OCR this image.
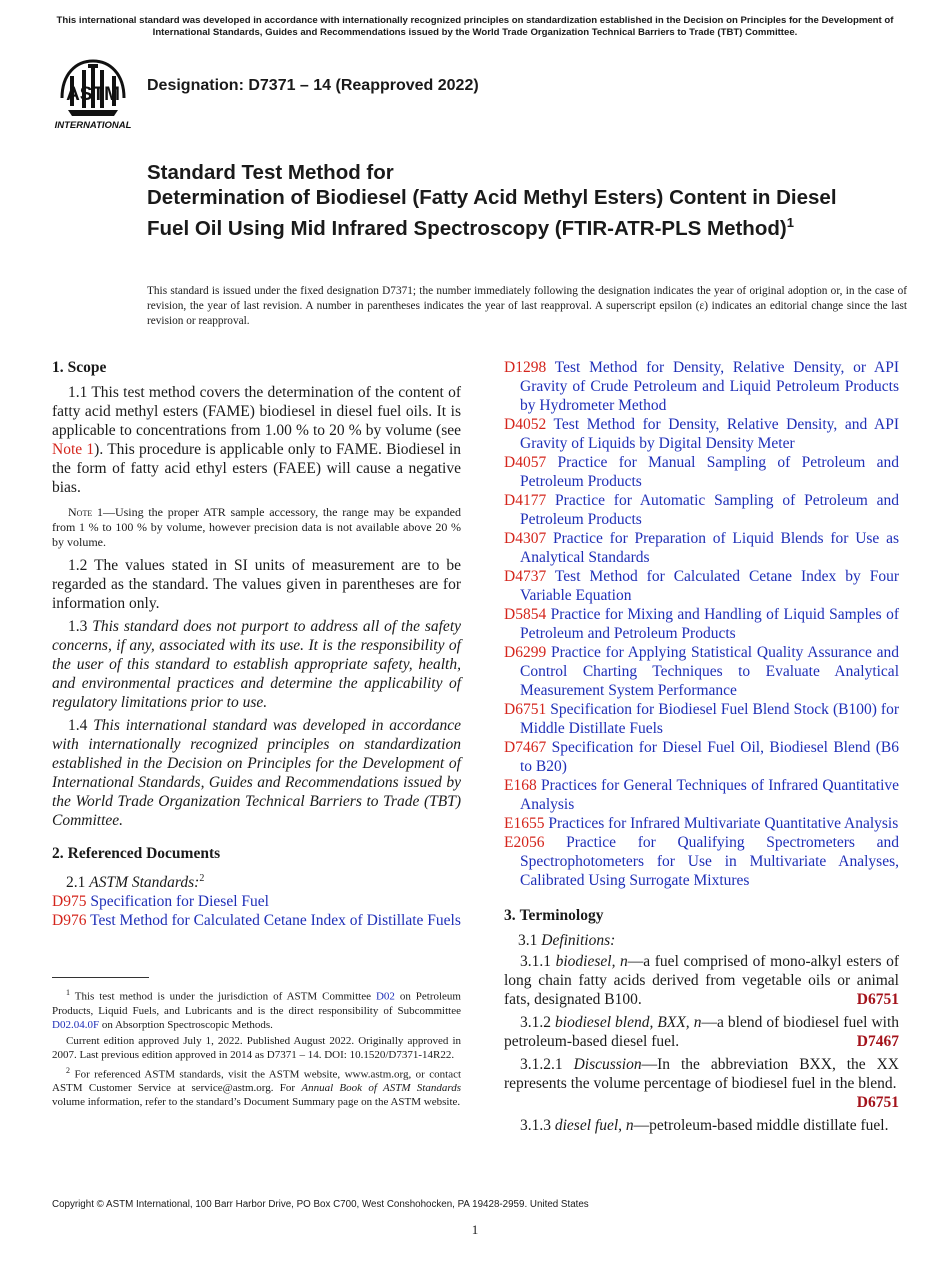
This international standard was developed in accordance with internationally recognized principles on standardization established in the Decision on Principles for the Development of International Standards, Guides and Recommendations issued by the World Trade Organization Technical Barriers to Trade (TBT) Committee.
ASTM
INTERNATIONAL
Designation: D7371 – 14 (Reapproved 2022)
Standard Test Method for
Determination of Biodiesel (Fatty Acid Methyl Esters) Content in Diesel Fuel Oil Using Mid Infrared Spectroscopy (FTIR-ATR-PLS Method)$^1$
This standard is issued under the fixed designation D7371; the number immediately following the designation indicates the year of original adoption or, in the case of revision, the year of last revision. A number in parentheses indicates the year of last reapproval. A superscript epsilon (ε) indicates an editorial change since the last revision or reapproval.
1. Scope

1.1 This test method covers the determination of the content of fatty acid methyl esters (FAME) biodiesel in diesel fuel oils. It is applicable to concentrations from 1.00 % to 20 % by volume (see Note 1). This procedure is applicable only to FAME. Biodiesel in the form of fatty acid ethyl esters (FAEE) will cause a negative bias.

Note 1—Using the proper ATR sample accessory, the range may be expanded from 1 % to 100 % by volume, however precision data is not available above 20 % by volume.

1.2 The values stated in SI units of measurement are to be regarded as the standard. The values given in parentheses are for information only.

1.3 This standard does not purport to address all of the safety concerns, if any, associated with its use. It is the responsibility of the user of this standard to establish appropriate safety, health, and environmental practices and determine the applicability of regulatory limitations prior to use.

1.4 This international standard was developed in accordance with internationally recognized principles on standardization established in the Decision on Principles for the Development of International Standards, Guides and Recommendations issued by the World Trade Organization Technical Barriers to Trade (TBT) Committee.

2. Referenced Documents

2.1 ASTM Standards:$^2$

D975 Specification for Diesel Fuel

D976 Test Method for Calculated Cetane Index of Distillate Fuels

D1298 Test Method for Density, Relative Density, or API Gravity of Crude Petroleum and Liquid Petroleum Products by Hydrometer Method

D4052 Test Method for Density, Relative Density, and API Gravity of Liquids by Digital Density Meter

D4057 Practice for Manual Sampling of Petroleum and Petroleum Products

D4177 Practice for Automatic Sampling of Petroleum and Petroleum Products

D4307 Practice for Preparation of Liquid Blends for Use as Analytical Standards

D4737 Test Method for Calculated Cetane Index by Four Variable Equation

D5854 Practice for Mixing and Handling of Liquid Samples of Petroleum and Petroleum Products

D6299 Practice for Applying Statistical Quality Assurance and Control Charting Techniques to Evaluate Analytical Measurement System Performance

D6751 Specification for Biodiesel Fuel Blend Stock (B100) for Middle Distillate Fuels

D7467 Specification for Diesel Fuel Oil, Biodiesel Blend (B6 to B20)

E168 Practices for General Techniques of Infrared Quantitative Analysis

E1655 Practices for Infrared Multivariate Quantitative Analysis

E2056 Practice for Qualifying Spectrometers and Spectrophotometers for Use in Multivariate Analyses, Calibrated Using Surrogate Mixtures

3. Terminology

3.1 Definitions:

3.1.1 biodiesel, n—a fuel comprised of mono-alkyl esters of long chain fatty acids derived from vegetable oils or animal fats, designated B100.	D6751

3.1.2 biodiesel blend, BXX, n—a blend of biodiesel fuel with petroleum-based diesel fuel.	D7467

3.1.2.1 Discussion—In the abbreviation BXX, the XX represents the volume percentage of biodiesel fuel in the blend.
D6751

3.1.3 diesel fuel, n—petroleum-based middle distillate fuel.

$^1$ This test method is under the jurisdiction of ASTM Committee D02 on Petroleum Products, Liquid Fuels, and Lubricants and is the direct responsibility of Subcommittee D02.04.0F on Absorption Spectroscopic Methods.

Current edition approved July 1, 2022. Published August 2022. Originally approved in 2007. Last previous edition approved in 2014 as D7371 – 14. DOI: 10.1520/D7371-14R22.

$^2$ For referenced ASTM standards, visit the ASTM website, www.astm.org, or contact ASTM Customer Service at service@astm.org. For Annual Book of ASTM Standards volume information, refer to the standard’s Document Summary page on the ASTM website.

Copyright © ASTM International, 100 Barr Harbor Drive, PO Box C700, West Conshohocken, PA 19428-2959. United States
1
